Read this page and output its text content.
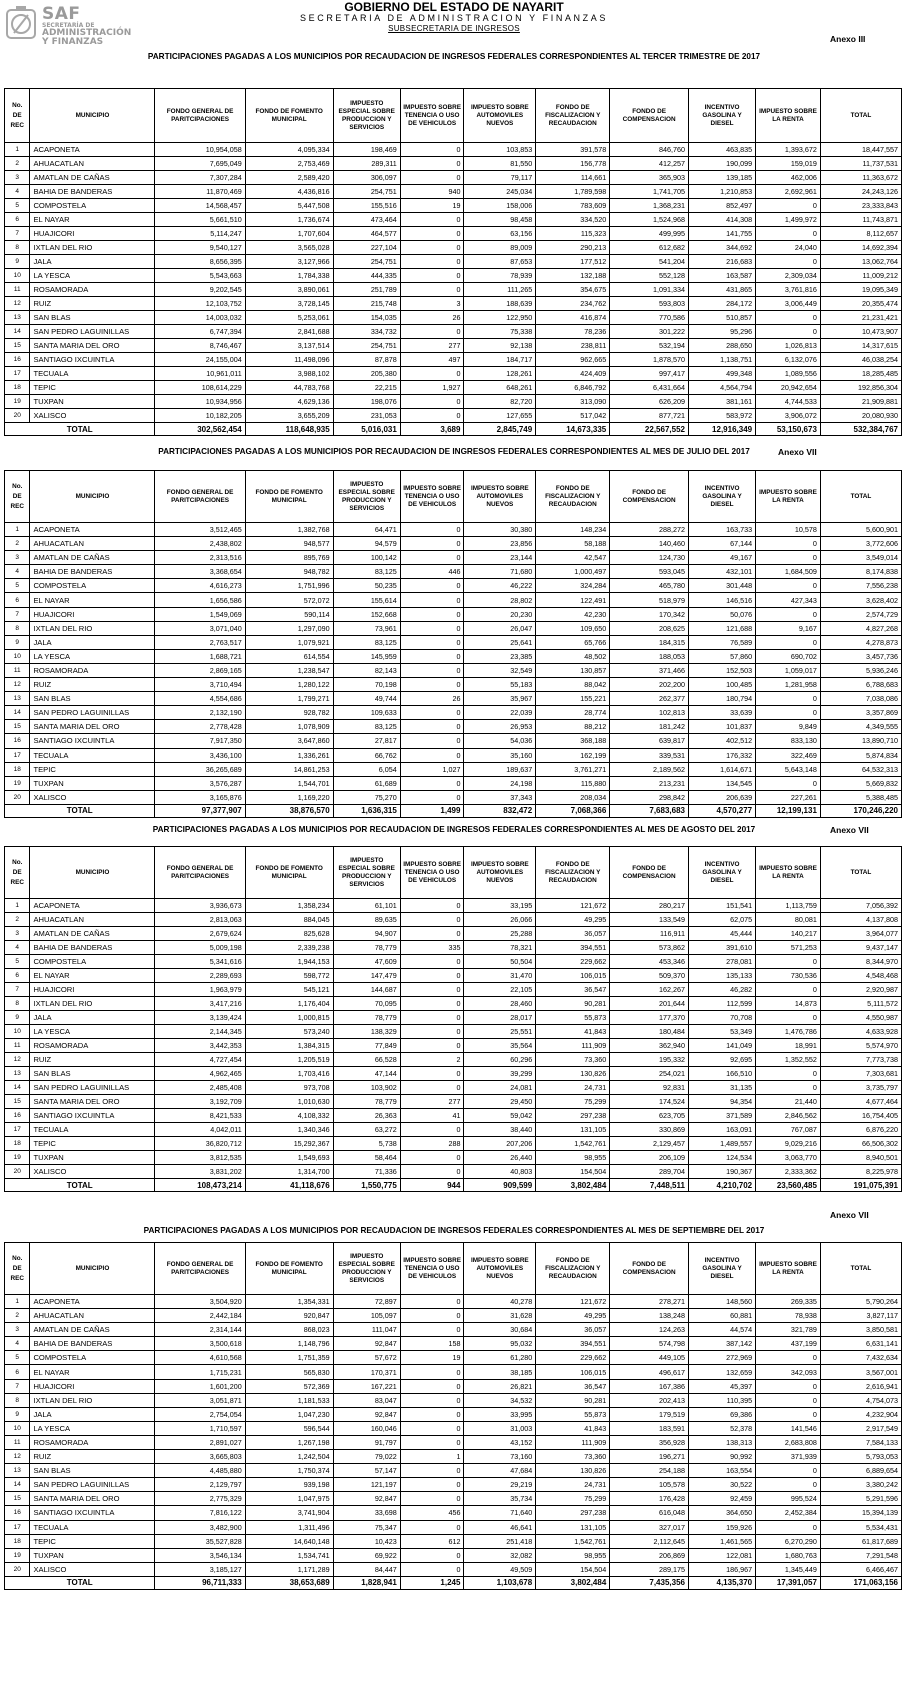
SAF
SECRETARÍA DE
ADMINISTRACIÓN
Y FINANZAS
GOBIERNO DEL ESTADO DE NAYARIT
SECRETARIA DE ADMINISTRACION Y FINANZAS
SUBSECRETARIA DE INGRESOS
PARTICIPACIONES PAGADAS A LOS MUNICIPIOS POR RECAUDACION DE INGRESOS FEDERALES CORRESPONDIENTES AL TERCER TRIMESTRE DE 2017
Anexo III
No.
DE
REC	MUNICIPIO	FONDO GENERAL DE PARITCIPACIONES	FONDO DE FOMENTO MUNICIPAL	IMPUESTO ESPECIAL SOBRE PRODUCCION Y SERVICIOS	IMPUESTO SOBRE TENENCIA O USO DE VEHICULOS	IMPUESTO SOBRE AUTOMOVILES NUEVOS	FONDO DE FISCALIZACION Y RECAUDACION	FONDO DE COMPENSACION	INCENTIVO GASOLINA Y DIESEL	IMPUESTO SOBRE LA RENTA	TOTAL
1	ACAPONETA	10,954,058	4,095,334	198,469	0	103,853	391,578	846,760	463,835	1,393,672	18,447,557
2	AHUACATLAN	7,695,049	2,753,469	289,311	0	81,550	156,778	412,257	190,099	159,019	11,737,531
3	AMATLAN DE CAÑAS	7,307,284	2,589,420	306,097	0	79,117	114,661	365,903	139,185	462,006	11,363,672
4	BAHIA DE BANDERAS	11,870,469	4,436,816	254,751	940	245,034	1,789,598	1,741,705	1,210,853	2,692,961	24,243,126
5	COMPOSTELA	14,568,457	5,447,508	155,516	19	158,006	783,609	1,368,231	852,497	0	23,333,843
6	EL NAYAR	5,661,510	1,736,674	473,464	0	98,458	334,520	1,524,968	414,308	1,499,972	11,743,871
7	HUAJICORI	5,114,247	1,707,604	464,577	0	63,156	115,323	499,995	141,755	0	8,112,657
8	IXTLAN DEL RIO	9,540,127	3,565,028	227,104	0	89,009	290,213	612,682	344,692	24,040	14,692,394
9	JALA	8,656,395	3,127,966	254,751	0	87,653	177,512	541,204	216,683	0	13,062,764
10	LA YESCA	5,543,663	1,784,338	444,335	0	78,939	132,188	552,128	163,587	2,309,034	11,009,212
11	ROSAMORADA	9,202,545	3,890,061	251,789	0	111,265	354,675	1,091,334	431,865	3,761,816	19,095,349
12	RUIZ	12,103,752	3,728,145	215,748	3	188,639	234,762	593,803	284,172	3,006,449	20,355,474
13	SAN BLAS	14,003,032	5,253,061	154,035	26	122,950	416,874	770,586	510,857	0	21,231,421
14	SAN PEDRO LAGUINILLAS	6,747,394	2,841,688	334,732	0	75,338	78,236	301,222	95,296	0	10,473,907
15	SANTA MARIA DEL ORO	8,746,467	3,137,514	254,751	277	92,138	238,811	532,194	288,650	1,026,813	14,317,615
16	SANTIAGO IXCUINTLA	24,155,004	11,498,096	87,878	497	184,717	962,665	1,878,570	1,138,751	6,132,076	46,038,254
17	TECUALA	10,961,011	3,988,102	205,380	0	128,261	424,409	997,417	499,348	1,089,556	18,285,485
18	TEPIC	108,614,229	44,783,768	22,215	1,927	648,261	6,846,792	6,431,664	4,564,794	20,942,654	192,856,304
19	TUXPAN	10,934,956	4,629,136	198,076	0	82,720	313,090	626,209	381,161	4,744,533	21,909,881
20	XALISCO	10,182,205	3,655,209	231,053	0	127,655	517,042	877,721	583,972	3,906,072	20,080,930
TOTAL		302,562,454	118,648,935	5,016,031	3,689	2,845,749	14,673,335	22,567,552	12,916,349	53,150,673	532,384,767
PARTICIPACIONES PAGADAS A LOS MUNICIPIOS POR RECAUDACION DE INGRESOS FEDERALES CORRESPONDIENTES AL MES DE JULIO DEL 2017	Anexo VII
No.
DE
REC	MUNICIPIO	FONDO GENERAL DE PARITCIPACIONES	FONDO DE FOMENTO MUNICIPAL	IMPUESTO ESPECIAL SOBRE PRODUCCION Y SERVICIOS	IMPUESTO SOBRE TENENCIA O USO DE VEHICULOS	IMPUESTO SOBRE AUTOMOVILES NUEVOS	FONDO DE FISCALIZACION Y RECAUDACION	FONDO DE COMPENSACION	INCENTIVO GASOLINA Y DIESEL	IMPUESTO SOBRE LA RENTA	TOTAL
1	ACAPONETA	3,512,465	1,382,768	64,471	0	30,380	148,234	288,272	163,733	10,578	5,600,901
2	AHUACATLAN	2,438,802	948,577	94,579	0	23,856	58,188	140,460	67,144	0	3,772,606
3	AMATLAN DE CAÑAS	2,313,516	895,769	100,142	0	23,144	42,547	124,730	49,167	0	3,549,014
4	BAHIA DE BANDERAS	3,368,654	948,782	83,125	446	71,680	1,000,497	593,045	432,101	1,684,509	8,174,838
5	COMPOSTELA	4,616,273	1,751,996	50,235	0	46,222	324,284	465,780	301,448	0	7,556,238
6	EL NAYAR	1,656,586	572,072	155,614	0	28,802	122,491	518,979	146,516	427,343	3,628,402
7	HUAJICORI	1,549,069	590,114	152,668	0	20,230	42,230	170,342	50,076	0	2,574,729
8	IXTLAN DEL RIO	3,071,040	1,297,090	73,961	0	26,047	109,650	208,625	121,688	9,167	4,827,268
9	JALA	2,763,517	1,079,921	83,125	0	25,641	65,766	184,315	76,589	0	4,278,873
10	LA YESCA	1,688,721	614,554	145,959	0	23,385	48,502	188,053	57,860	690,702	3,457,736
11	ROSAMORADA	2,869,165	1,238,547	82,143	0	32,549	130,857	371,466	152,503	1,059,017	5,936,246
12	RUIZ	3,710,494	1,280,122	70,198	0	55,183	88,042	202,200	100,485	1,281,958	6,788,683
13	SAN BLAS	4,554,686	1,799,271	49,744	26	35,967	155,221	262,377	180,794	0	7,038,086
14	SAN PEDRO LAGUINILLAS	2,132,190	928,782	109,633	0	22,039	28,774	102,813	33,639	0	3,357,869
15	SANTA MARIA DEL ORO	2,778,428	1,078,909	83,125	0	26,953	88,212	181,242	101,837	9,849	4,349,555
16	SANTIAGO IXCUINTLA	7,917,350	3,647,860	27,817	0	54,036	368,188	639,817	402,512	833,130	13,890,710
17	TECUALA	3,436,100	1,336,261	66,762	0	35,160	162,199	339,531	176,332	322,469	5,874,834
18	TEPIC	36,265,689	14,861,253	6,054	1,027	189,637	3,761,271	2,189,562	1,614,671	5,643,148	64,532,313
19	TUXPAN	3,576,287	1,544,701	61,689	0	24,198	115,880	213,231	134,545	0	5,669,832
20	XALISCO	3,165,876	1,169,220	75,270	0	37,343	208,034	298,842	206,639	227,261	5,388,485
TOTAL		97,377,907	38,876,570	1,636,315	1,499	832,472	7,068,366	7,683,683	4,570,277	12,199,131	170,246,220
PARTICIPACIONES PAGADAS A LOS MUNICIPIOS POR RECAUDACION DE INGRESOS FEDERALES CORRESPONDIENTES AL MES DE AGOSTO DEL 2017	Anexo VII
No.
DE
REC	MUNICIPIO	FONDO GENERAL DE PARITCIPACIONES	FONDO DE FOMENTO MUNICIPAL	IMPUESTO ESPECIAL SOBRE PRODUCCION Y SERVICIOS	IMPUESTO SOBRE TENENCIA O USO DE VEHICULOS	IMPUESTO SOBRE AUTOMOVILES NUEVOS	FONDO DE FISCALIZACION Y RECAUDACION	FONDO DE COMPENSACION	INCENTIVO GASOLINA Y DIESEL	IMPUESTO SOBRE LA RENTA	TOTAL
1	ACAPONETA	3,936,673	1,358,234	61,101	0	33,195	121,672	280,217	151,541	1,113,759	7,056,392
2	AHUACATLAN	2,813,063	884,045	89,635	0	26,066	49,295	133,549	62,075	80,081	4,137,808
3	AMATLAN DE CAÑAS	2,679,624	825,628	94,907	0	25,288	36,057	116,911	45,444	140,217	3,964,077
4	BAHIA DE BANDERAS	5,009,198	2,339,238	78,779	335	78,321	394,551	573,862	391,610	571,253	9,437,147
5	COMPOSTELA	5,341,616	1,944,153	47,609	0	50,504	229,662	453,346	278,081	0	8,344,970
6	EL NAYAR	2,289,693	598,772	147,479	0	31,470	106,015	509,370	135,133	730,536	4,548,468
7	HUAJICORI	1,963,979	545,121	144,687	0	22,105	36,547	162,267	46,282	0	2,920,987
8	IXTLAN DEL RIO	3,417,216	1,176,404	70,095	0	28,460	90,281	201,644	112,599	14,873	5,111,572
9	JALA	3,139,424	1,000,815	78,779	0	28,017	55,873	177,370	70,708	0	4,550,987
10	LA YESCA	2,144,345	573,240	138,329	0	25,551	41,843	180,484	53,349	1,476,786	4,633,928
11	ROSAMORADA	3,442,353	1,384,315	77,849	0	35,564	111,909	362,940	141,049	18,991	5,574,970
12	RUIZ	4,727,454	1,205,519	66,528	2	60,296	73,360	195,332	92,695	1,352,552	7,773,738
13	SAN BLAS	4,962,465	1,703,416	47,144	0	39,299	130,826	254,021	166,510	0	7,303,681
14	SAN PEDRO LAGUINILLAS	2,485,408	973,708	103,902	0	24,081	24,731	92,831	31,135	0	3,735,797
15	SANTA MARIA DEL ORO	3,192,709	1,010,630	78,779	277	29,450	75,299	174,524	94,354	21,440	4,677,464
16	SANTIAGO IXCUINTLA	8,421,533	4,108,332	26,363	41	59,042	297,238	623,705	371,589	2,846,562	16,754,405
17	TECUALA	4,042,011	1,340,346	63,272	0	38,440	131,105	330,869	163,091	767,087	6,876,220
18	TEPIC	36,820,712	15,292,367	5,738	288	207,206	1,542,761	2,129,457	1,489,557	9,029,216	66,506,302
19	TUXPAN	3,812,535	1,549,693	58,464	0	26,440	98,955	206,109	124,534	3,063,770	8,940,501
20	XALISCO	3,831,202	1,314,700	71,336	0	40,803	154,504	289,704	190,367	2,333,362	8,225,978
TOTAL		108,473,214	41,118,676	1,550,775	944	909,599	3,802,484	7,448,511	4,210,702	23,560,485	191,075,391
PARTICIPACIONES PAGADAS A LOS MUNICIPIOS POR RECAUDACION DE INGRESOS FEDERALES CORRESPONDIENTES AL MES DE SEPTIEMBRE DEL 2017
Anexo VII
No.
DE
REC	MUNICIPIO	FONDO GENERAL DE PARITCIPACIONES	FONDO DE FOMENTO MUNICIPAL	IMPUESTO ESPECIAL SOBRE PRODUCCION Y SERVICIOS	IMPUESTO SOBRE TENENCIA O USO DE VEHICULOS	IMPUESTO SOBRE AUTOMOVILES NUEVOS	FONDO DE FISCALIZACION Y RECAUDACION	FONDO DE COMPENSACION	INCENTIVO GASOLINA Y DIESEL	IMPUESTO SOBRE LA RENTA	TOTAL
1	ACAPONETA	3,504,920	1,354,331	72,897	0	40,278	121,672	278,271	148,560	269,335	5,790,264
2	AHUACATLAN	2,442,184	920,847	105,097	0	31,628	49,295	138,248	60,881	78,938	3,827,117
3	AMATLAN DE CAÑAS	2,314,144	868,023	111,047	0	30,684	36,057	124,263	44,574	321,789	3,850,581
4	BAHIA DE BANDERAS	3,500,618	1,148,796	92,847	158	95,032	394,551	574,798	387,142	437,199	6,631,141
5	COMPOSTELA	4,610,568	1,751,359	57,672	19	61,280	229,662	449,105	272,969	0	7,432,634
6	EL NAYAR	1,715,231	565,830	170,371	0	38,185	106,015	496,617	132,659	342,093	3,567,001
7	HUAJICORI	1,601,200	572,369	167,221	0	26,821	36,547	167,386	45,397	0	2,616,941
8	IXTLAN DEL RIO	3,051,871	1,181,533	83,047	0	34,532	90,281	202,413	110,395	0	4,754,073
9	JALA	2,754,054	1,047,230	92,847	0	33,995	55,873	179,519	69,386	0	4,232,904
10	LA YESCA	1,710,597	596,544	160,046	0	31,003	41,843	183,591	52,378	141,546	2,917,549
11	ROSAMORADA	2,891,027	1,267,198	91,797	0	43,152	111,909	356,928	138,313	2,683,808	7,584,133
12	RUIZ	3,665,803	1,242,504	79,022	1	73,160	73,360	196,271	90,992	371,939	5,793,053
13	SAN BLAS	4,485,880	1,750,374	57,147	0	47,684	130,826	254,188	163,554	0	6,889,654
14	SAN PEDRO LAGUINILLAS	2,129,797	939,198	121,197	0	29,219	24,731	105,578	30,522	0	3,380,242
15	SANTA MARIA DEL ORO	2,775,329	1,047,975	92,847	0	35,734	75,299	176,428	92,459	995,524	5,291,596
16	SANTIAGO IXCUINTLA	7,816,122	3,741,904	33,698	456	71,640	297,238	616,048	364,650	2,452,384	15,394,139
17	TECUALA	3,482,900	1,311,496	75,347	0	46,641	131,105	327,017	159,926	0	5,534,431
18	TEPIC	35,527,828	14,640,148	10,423	612	251,418	1,542,761	2,112,645	1,461,565	6,270,290	61,817,689
19	TUXPAN	3,546,134	1,534,741	69,922	0	32,082	98,955	206,869	122,081	1,680,763	7,291,548
20	XALISCO	3,185,127	1,171,289	84,447	0	49,509	154,504	289,175	186,967	1,345,449	6,466,467
TOTAL		96,711,333	38,653,689	1,828,941	1,245	1,103,678	3,802,484	7,435,356	4,135,370	17,391,057	171,063,156
